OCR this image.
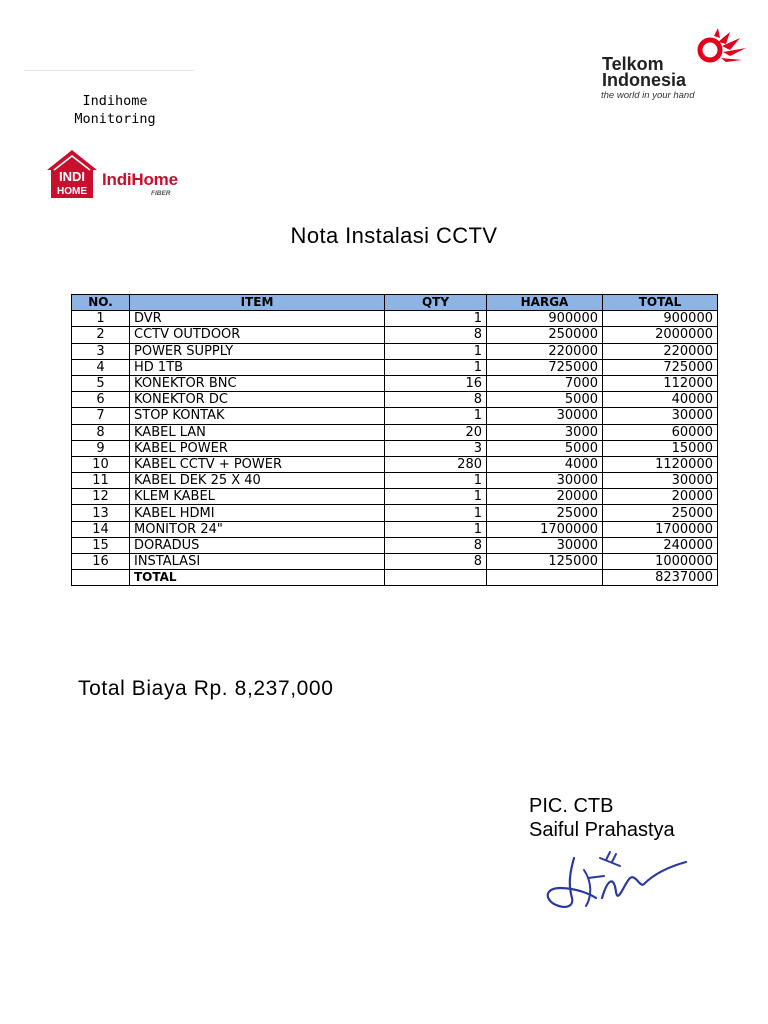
Indihome
Monitoring
INDI
HOME
IndiHome
FIBER
Telkom
Indonesia
the world in your hand
Nota Instalasi CCTV
NO.	ITEM	QTY	HARGA	TOTAL
1	DVR	1	900000	900000
2	CCTV OUTDOOR	8	250000	2000000
3	POWER SUPPLY	1	220000	220000
4	HD 1TB	1	725000	725000
5	KONEKTOR BNC	16	7000	112000
6	KONEKTOR DC	8	5000	40000
7	STOP KONTAK	1	30000	30000
8	KABEL LAN	20	3000	60000
9	KABEL POWER	3	5000	15000
10	KABEL CCTV + POWER	280	4000	1120000
11	KABEL DEK 25 X 40	1	30000	30000
12	KLEM KABEL	1	20000	20000
13	KABEL HDMI	1	25000	25000
14	MONITOR 24"	1	1700000	1700000
15	DORADUS	8	30000	240000
16	INSTALASI	8	125000	1000000
	TOTAL			8237000
Total Biaya Rp. 8,237,000
PIC. CTB
Saiful Prahastya
